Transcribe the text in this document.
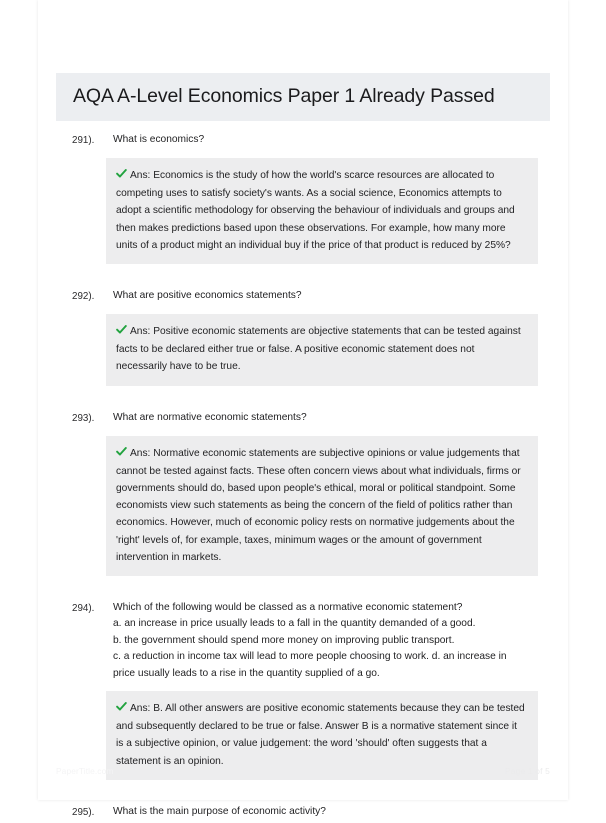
AQA A-Level Economics Paper 1 Already Passed
291).	What is economics?
Ans: Economics is the study of how the world's scarce resources are allocated to competing uses to satisfy society's wants. As a social science, Economics attempts to adopt a scientific methodology for observing the behaviour of individuals and groups and then makes predictions based upon these observations. For example, how many more units of a product might an individual buy if the price of that product is reduced by 25%?
292).	What are positive economics statements?
Ans: Positive economic statements are objective statements that can be tested against facts to be declared either true or false. A positive economic statement does not necessarily have to be true.
293).	What are normative economic statements?
Ans: Normative economic statements are subjective opinions or value judgements that cannot be tested against facts. These often concern views about what individuals, firms or governments should do, based upon people's ethical, moral or political standpoint. Some economists view such statements as being the concern of the field of politics rather than economics. However, much of economic policy rests on normative judgements about the 'right' levels of, for example, taxes, minimum wages or the amount of government intervention in markets.
294).	Which of the following would be classed as a normative economic statement?
a. an increase in price usually leads to a fall in the quantity demanded of a good.
b. the government should spend more money on improving public transport.
c. a reduction in income tax will lead to more people choosing to work. d. an increase in
price usually leads to a rise in the quantity supplied of a go.
Ans: B. All other answers are positive economic statements because they can be tested and subsequently declared to be true or false. Answer B is a normative statement since it is a subjective opinion, or value judgement: the word 'should' often suggests that a statement is an opinion.
295).	What is the main purpose of economic activity?
PaperTitle.com	Page 1 of 5
